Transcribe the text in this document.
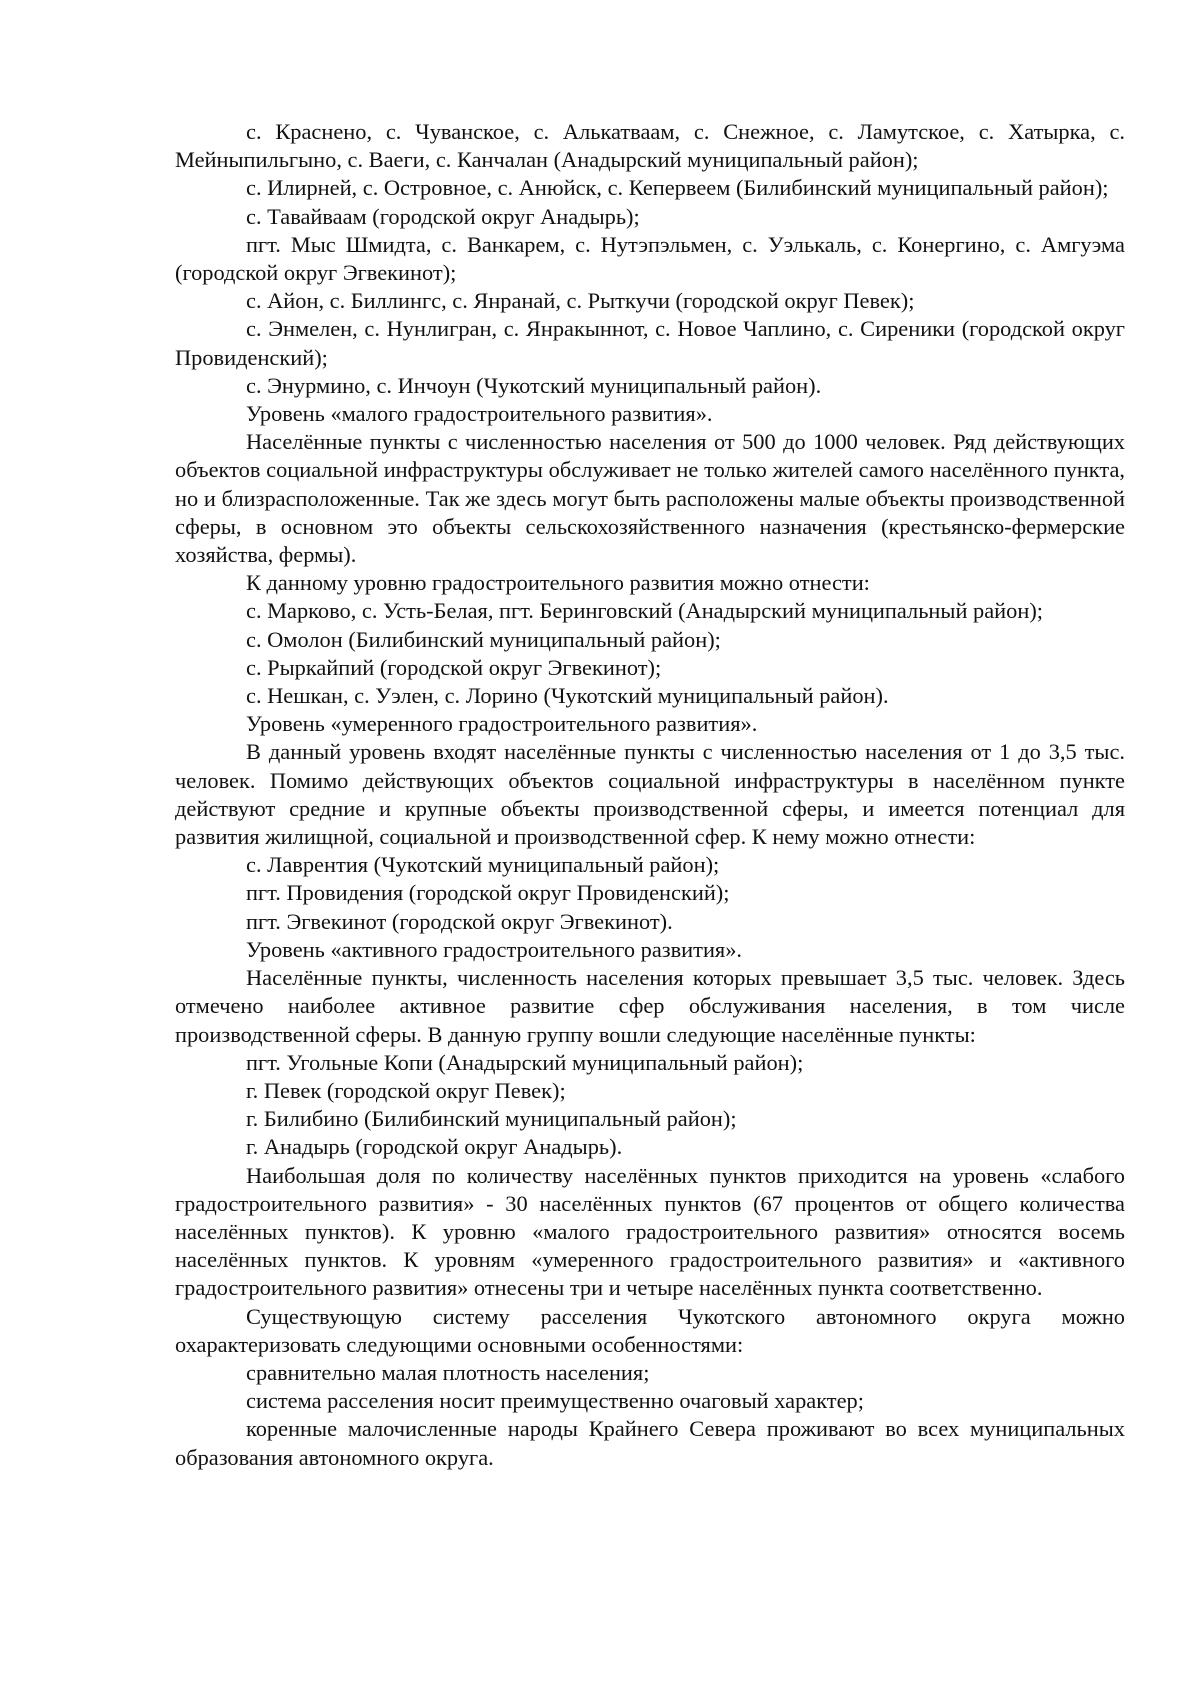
с. Краснено, с. Чуванское, с. Алькатваам, с. Снежное, с. Ламутское, с. Хатырка, с. Мейныпильгыно, с. Ваеги, с. Канчалан (Анадырский муниципальный район);

с. Илирней, с. Островное, с. Анюйск, с. Кепервеем (Билибинский муниципальный район);

с. Тавайваам (городской округ Анадырь);

пгт. Мыс Шмидта, с. Ванкарем, с. Нутэпэльмен, с. Уэлькаль, с. Конергино, с. Амгуэма (городской округ Эгвекинот);

с. Айон, с. Биллингс, с. Янранай, с. Рыткучи (городской округ Певек);

с. Энмелен, с. Нунлигран, с. Янракыннот, с. Новое Чаплино, с. Сиреники (городской округ Провиденский);

с. Энурмино, с. Инчоун (Чукотский муниципальный район).

Уровень «малого градостроительного развития».

Населённые пункты с численностью населения от 500 до 1000 человек. Ряд действующих объектов социальной инфраструктуры обслуживает не только жителей самого населённого пункта, но и близрасположенные. Так же здесь могут быть расположены малые объекты производственной сферы, в основном это объекты сельскохозяйственного назначения (крестьянско-фермерские хозяйства, фермы).

К данному уровню градостроительного развития можно отнести:

с. Марково, с. Усть-Белая, пгт. Беринговский (Анадырский муниципальный район);

с. Омолон (Билибинский муниципальный район);

с. Рыркайпий (городской округ Эгвекинот);

с. Нешкан, с. Уэлен, с. Лорино (Чукотский муниципальный район).

Уровень «умеренного градостроительного развития».

В данный уровень входят населённые пункты с численностью населения от 1 до 3,5 тыс. человек. Помимо действующих объектов социальной инфраструктуры в населённом пункте действуют средние и крупные объекты производственной сферы, и имеется потенциал для развития жилищной, социальной и производственной сфер. К нему можно отнести:

с. Лаврентия (Чукотский муниципальный район);

пгт. Провидения (городской округ Провиденский);

пгт. Эгвекинот (городской округ Эгвекинот).

Уровень «активного градостроительного развития».

Населённые пункты, численность населения которых превышает 3,5 тыс. человек. Здесь отмечено наиболее активное развитие сфер обслуживания населения, в том числе производственной сферы. В данную группу вошли следующие населённые пункты:

пгт. Угольные Копи (Анадырский муниципальный район);

г. Певек (городской округ Певек);

г. Билибино (Билибинский муниципальный район);

г. Анадырь (городской округ Анадырь).

Наибольшая доля по количеству населённых пунктов приходится на уровень «слабого градостроительного развития» - 30 населённых пунктов (67 процентов от общего количества населённых пунктов). К уровню «малого градостроительного развития» относятся восемь населённых пунктов. К уровням «умеренного градостроительного развития» и «активного градостроительного развития» отнесены три и четыре населённых пункта соответственно.

Существующую систему расселения Чукотского автономного округа можно охарактеризовать следующими основными особенностями:

сравнительно малая плотность населения;

система расселения носит преимущественно очаговый характер;

коренные малочисленные народы Крайнего Севера проживают во всех муниципальных образования автономного округа.
